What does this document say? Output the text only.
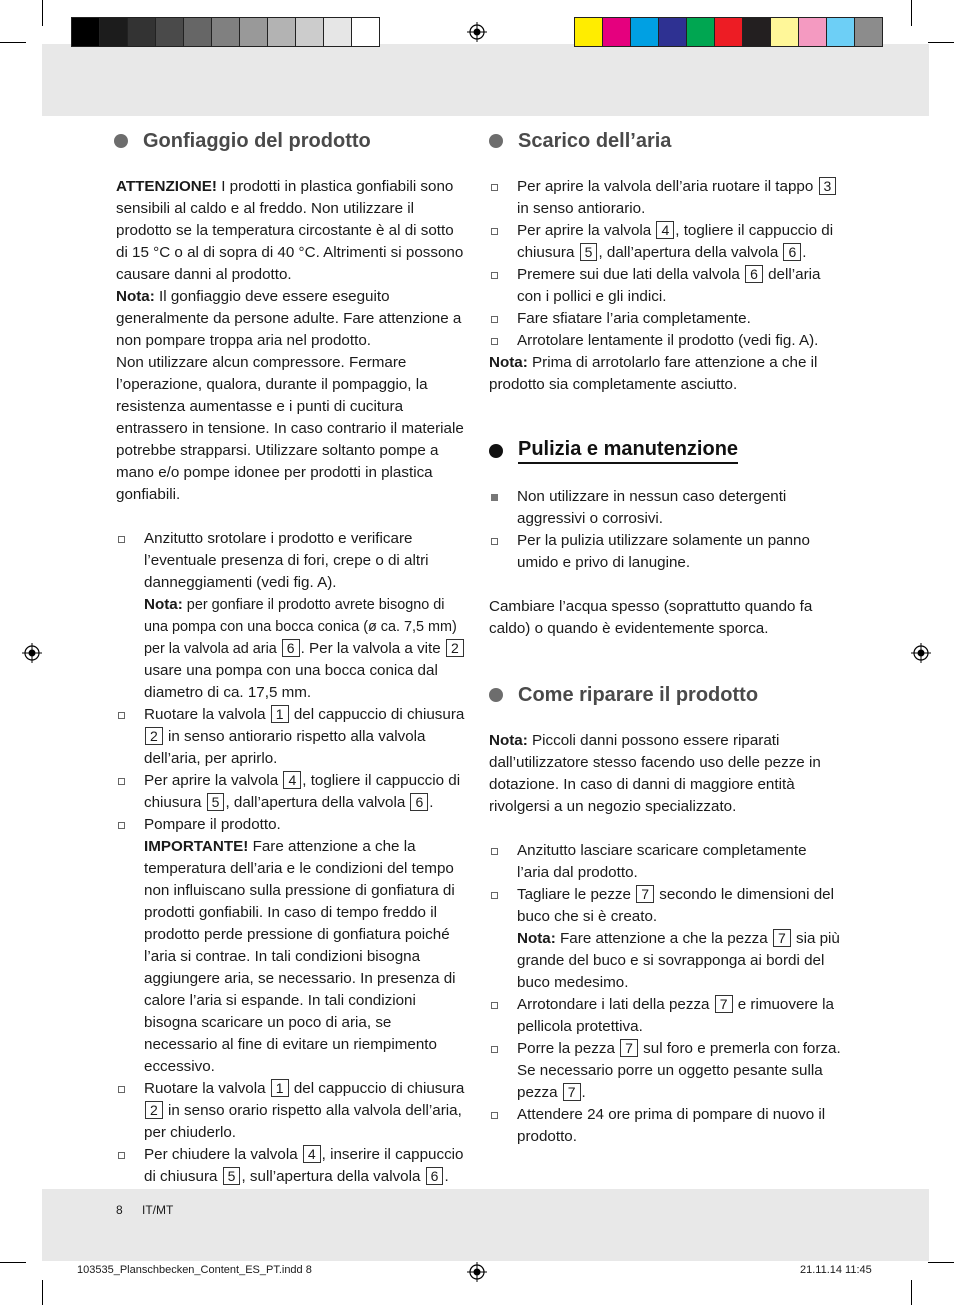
Gonfiaggio del prodotto

ATTENZIONE! I prodotti in plastica gonfiabili sono sensibili al caldo e al freddo. Non utilizzare il prodotto se la temperatura circostante è al di sotto di 15 °C o al di sopra di 40 °C. Altrimenti si possono causare danni al prodotto.

Nota: Il gonfiaggio deve essere eseguito generalmente da persone adulte. Fare attenzione a non pompare troppa aria nel prodotto.

Non utilizzare alcun compressore. Fermare l’operazione, qualora, durante il pompaggio, la resistenza aumentasse e i punti di cucitura entrassero in tensione. In caso contrario il materiale potrebbe strapparsi. Utilizzare soltanto pompe a mano e/o pompe idonee per prodotti in plastica gonfiabili.

Anzitutto srotolare i prodotto e verificare l’eventuale presenza di fori, crepe o di altri danneggiamenti (vedi fig. A).
Nota: per gonfiare il prodotto avrete bisogno di una pompa con una bocca conica (ø ca. 7,5 mm) per la valvola ad aria 6 . Per la valvola a vite 2 usare una pompa con una bocca conica dal diametro di ca. 17,5 mm.
Ruotare la valvola 1 del cappuccio di chiusura 2 in senso antiorario rispetto alla valvola dell’aria, per aprirlo.
Per aprire la valvola 4 , togliere il cappuccio di chiusura 5 , dall’apertura della valvola 6 .
Pompare il prodotto.
IMPORTANTE! Fare attenzione a che la temperatura dell’aria e le condizioni del tempo non influiscano sulla pressione di gonfiatura di prodotti gonfiabili. In caso di tempo freddo il prodotto perde pressione di gonfiatura poiché l’aria si contrae. In tali condizioni bisogna aggiungere aria, se necessario. In presenza di calore l’aria si espande. In tali condizioni bisogna scaricare un poco di aria, se necessario al fine di evitare un riempimento eccessivo.
Ruotare la valvola 1 del cappuccio di chiusura 2 in senso orario rispetto alla valvola dell’aria, per chiuderlo.
Per chiudere la valvola 4 , inserire il cappuccio di chiusura 5 , sull’apertura della valvola 6 .
Scarico dell’aria
Per aprire la valvola dell’aria ruotare il tappo 3 in senso antiorario.
Per aprire la valvola 4 , togliere il cappuccio di chiusura 5 , dall’apertura della valvola 6 .
Premere sui due lati della valvola 6 dell’aria con i pollici e gli indici.
Fare sfiatare l’aria completamente.
Arrotolare lentamente il prodotto (vedi fig. A).

Nota: Prima di arrotolarlo fare attenzione a che il prodotto sia completamente asciutto.

Pulizia e manutenzione
Non utilizzare in nessun caso detergenti aggressivi o corrosivi.
Per la pulizia utilizzare solamente un panno umido e privo di lanugine.

Cambiare l’acqua spesso (soprattutto quando fa caldo) o quando è evidentemente sporca.

Come riparare il prodotto

Nota: Piccoli danni possono essere riparati dall’utilizzatore stesso facendo uso delle pezze in dotazione. In caso di danni di maggiore entità rivolgersi a un negozio specializzato.

Anzitutto lasciare scaricare completamente l’aria dal prodotto.
Tagliare le pezze 7 secondo le dimensioni del buco che si è creato.
Nota: Fare attenzione a che la pezza 7 sia più grande del buco e si sovrapponga ai bordi del buco medesimo.
Arrotondare i lati della pezza 7 e rimuovere la pellicola protettiva.
Porre la pezza 7 sul foro e premerla con forza. Se necessario porre un oggetto pesante sulla pezza 7 .
Attendere 24 ore prima di pompare di nuovo il prodotto.
8 IT/MT
103535_Planschbecken_Content_ES_PT.indd 8	21.11.14 11:45
